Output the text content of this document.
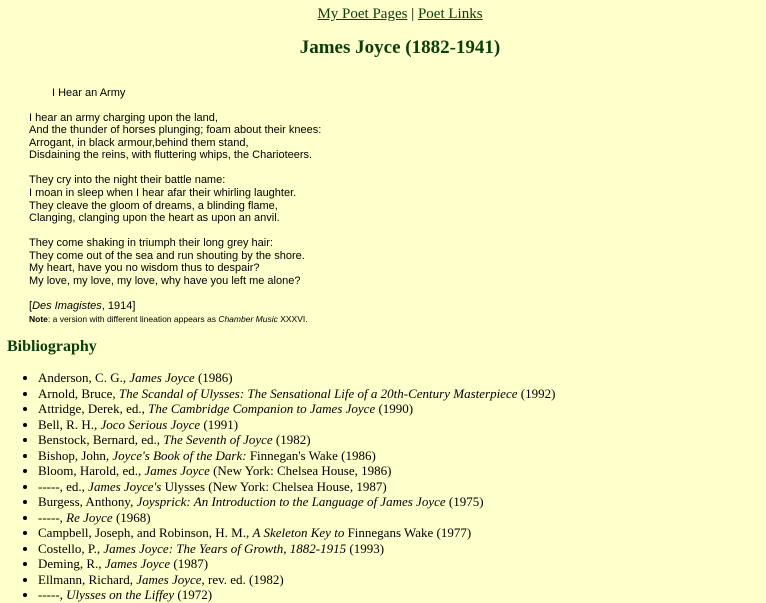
My Poet Pages | Poet Links
James Joyce (1882-1941)
I Hear an Army
I hear an army charging upon the land,
And the thunder of horses plunging; foam about their knees:
Arrogant, in black armour,behind them stand,
Disdaining the reins, with fluttering whips, the Charioteers.
They cry into the night their battle name:
I moan in sleep when I hear afar their whirling laughter.
They cleave the gloom of dreams, a blinding flame,
Clanging, clanging upon the heart as upon an anvil.
They come shaking in triumph their long grey hair:
They come out of the sea and run shouting by the shore.
My heart, have you no wisdom thus to despair?
My love, my love, my love, why have you left me alone?
[Des Imagistes, 1914]
Note: a version with different lineation appears as Chamber Music XXXVI.
Bibliography
• Anderson, C. G., James Joyce (1986)
• Arnold, Bruce, The Scandal of Ulysses: The Sensational Life of a 20th-Century Masterpiece (1992)
• Attridge, Derek, ed., The Cambridge Companion to James Joyce (1990)
• Bell, R. H., Joco Serious Joyce (1991)
• Benstock, Bernard, ed., The Seventh of Joyce (1982)
• Bishop, John, Joyce's Book of the Dark: Finnegan's Wake (1986)
• Bloom, Harold, ed., James Joyce (New York: Chelsea House, 1986)
• -----, ed., James Joyce's Ulysses (New York: Chelsea House, 1987)
• Burgess, Anthony, Joysprick: An Introduction to the Language of James Joyce (1975)
• -----, Re Joyce (1968)
• Campbell, Joseph, and Robinson, H. M., A Skeleton Key to Finnegans Wake (1977)
• Costello, P., James Joyce: The Years of Growth, 1882-1915 (1993)
• Deming, R., James Joyce (1987)
• Ellmann, Richard, James Joyce, rev. ed. (1982)
• -----, Ulysses on the Liffey (1972)
